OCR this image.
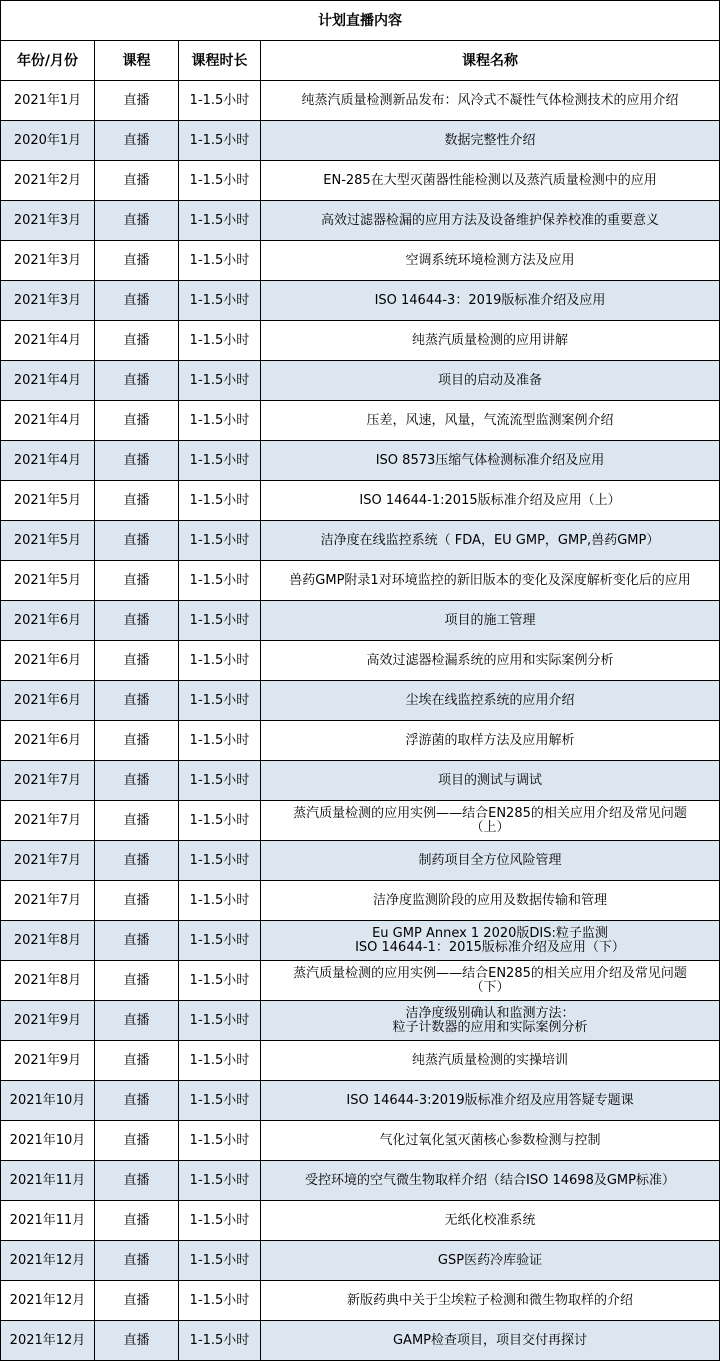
计划直播内容			
年份/月份	课程	课程时长	课程名称
2021年1月	直播	1-1.5小时	纯蒸汽质量检测新品发布：风冷式不凝性气体检测技术的应用介绍
2020年1月	直播	1-1.5小时	数据完整性介绍
2021年2月	直播	1-1.5小时	EN-285在大型灭菌器性能检测以及蒸汽质量检测中的应用
2021年3月	直播	1-1.5小时	高效过滤器检漏的应用方法及设备维护保养校准的重要意义
2021年3月	直播	1-1.5小时	空调系统环境检测方法及应用
2021年3月	直播	1-1.5小时	ISO 14644-3：2019版标准介绍及应用
2021年4月	直播	1-1.5小时	纯蒸汽质量检测的应用讲解
2021年4月	直播	1-1.5小时	项目的启动及准备
2021年4月	直播	1-1.5小时	压差，风速，风量，气流流型监测案例介绍
2021年4月	直播	1-1.5小时	ISO 8573压缩气体检测标准介绍及应用
2021年5月	直播	1-1.5小时	ISO 14644-1:2015版标准介绍及应用（上）
2021年5月	直播	1-1.5小时	洁净度在线监控系统（ FDA，EU GMP，GMP,兽药GMP）
2021年5月	直播	1-1.5小时	兽药GMP附录1对环境监控的新旧版本的变化及深度解析变化后的应用
2021年6月	直播	1-1.5小时	项目的施工管理
2021年6月	直播	1-1.5小时	高效过滤器检漏系统的应用和实际案例分析
2021年6月	直播	1-1.5小时	尘埃在线监控系统的应用介绍
2021年6月	直播	1-1.5小时	浮游菌的取样方法及应用解析
2021年7月	直播	1-1.5小时	项目的测试与调试
2021年7月	直播	1-1.5小时	蒸汽质量检测的应用实例——结合EN285的相关应用介绍及常见问题
（上）
2021年7月	直播	1-1.5小时	制药项目全方位风险管理
2021年7月	直播	1-1.5小时	洁净度监测阶段的应用及数据传输和管理
2021年8月	直播	1-1.5小时	Eu GMP Annex 1 2020版DIS:粒子监测
ISO 14644-1：2015版标准介绍及应用（下）
2021年8月	直播	1-1.5小时	蒸汽质量检测的应用实例——结合EN285的相关应用介绍及常见问题
（下）
2021年9月	直播	1-1.5小时	洁净度级别确认和监测方法：
粒子计数器的应用和实际案例分析
2021年9月	直播	1-1.5小时	纯蒸汽质量检测的实操培训
2021年10月	直播	1-1.5小时	ISO 14644-3:2019版标准介绍及应用答疑专题课
2021年10月	直播	1-1.5小时	气化过氧化氢灭菌核心参数检测与控制
2021年11月	直播	1-1.5小时	受控环境的空气微生物取样介绍（结合ISO 14698及GMP标准）
2021年11月	直播	1-1.5小时	无纸化校准系统
2021年12月	直播	1-1.5小时	GSP医药冷库验证
2021年12月	直播	1-1.5小时	新版药典中关于尘埃粒子检测和微生物取样的介绍
2021年12月	直播	1-1.5小时	GAMP检查项目，项目交付再探讨
